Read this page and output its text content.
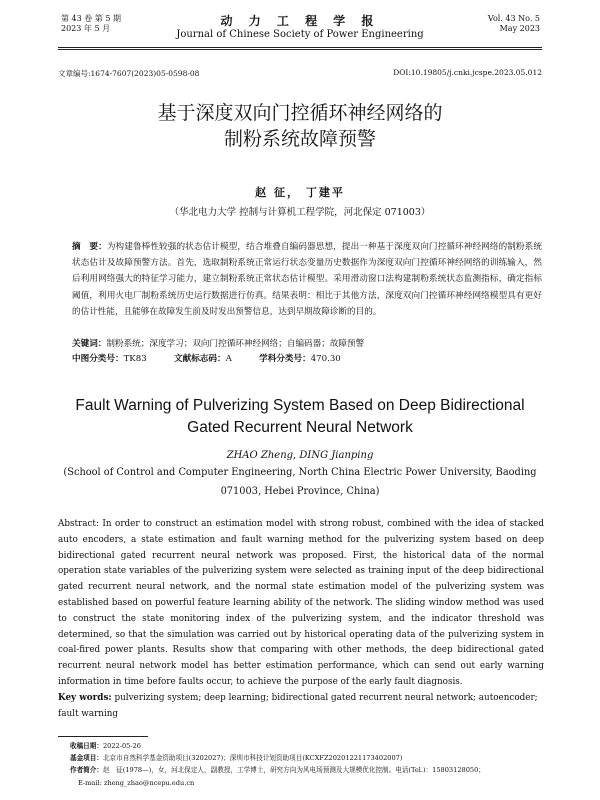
第 43 卷 第 5 期
2023 年 5 月
动 力 工 程 学 报
Journal of Chinese Society of Power Engineering
Vol. 43 No. 5
May 2023
文章编号:1674-7607(2023)05-0598-08	DOI:10.19805/j.cnki.jcspe.2023.05.012
基于深度双向门控循环神经网络的
制粉系统故障预警
赵 征， 丁建平
（华北电力大学 控制与计算机工程学院，河北保定 071003）
摘　要：为构建鲁棒性较强的状态估计模型，结合堆叠自编码器思想，提出一种基于深度双向门控循环神经网络的制粉系统状态估计及故障预警方法。首先，选取制粉系统正常运行状态变量历史数据作为深度双向门控循环神经网络的训练输入，然后利用网络强大的特征学习能力，建立制粉系统正常状态估计模型。采用滑动窗口法构建制粉系统状态监测指标，确定指标阈值，利用火电厂制粉系统历史运行数据进行仿真。结果表明：相比于其他方法，深度双向门控循环神经网络模型具有更好的估计性能，且能够在故障发生前及时发出预警信息，达到早期故障诊断的目的。
关键词：制粉系统；深度学习；双向门控循环神经网络；自编码器；故障预警
中图分类号：TK83	文献标志码：A	学科分类号：470.30
Fault Warning of Pulverizing System Based on Deep Bidirectional
Gated Recurrent Neural Network
ZHAO Zheng, DING Jianping
(School of Control and Computer Engineering, North China Electric Power University, Baoding 071003, Hebei Province, China)
Abstract: In order to construct an estimation model with strong robust, combined with the idea of stacked auto encoders, a state estimation and fault warning method for the pulverizing system based on deep bidirectional gated recurrent neural network was proposed. First, the historical data of the normal operation state variables of the pulverizing system were selected as training input of the deep bidirectional gated recurrent neural network, and the normal state estimation model of the pulverizing system was established based on powerful feature learning ability of the network. The sliding window method was used to construct the state monitoring index of the pulverizing system, and the indicator threshold was determined, so that the simulation was carried out by historical operating data of the pulverizing system in coal-fired power plants. Results show that comparing with other methods, the deep bidirectional gated recurrent neural network model has better estimation performance, which can send out early warning information in time before faults occur, to achieve the purpose of the early fault diagnosis.
Key words: pulverizing system; deep learning; bidirectional gated recurrent neural network; autoencoder; fault warning
收稿日期：2022-05-26
基金项目：北京市自然科学基金资助项目(3202027)；深圳市科技计划资助项目(KCXFZ20201221173402007)
作者简介：赵　征(1978—)，女，河北保定人，副教授，工学博士，研究方向为风电场预测及大规模优化控制。电话(Tel.)：15803128050；
E-mail: zheng_zhao@ncepu.edu.cn
